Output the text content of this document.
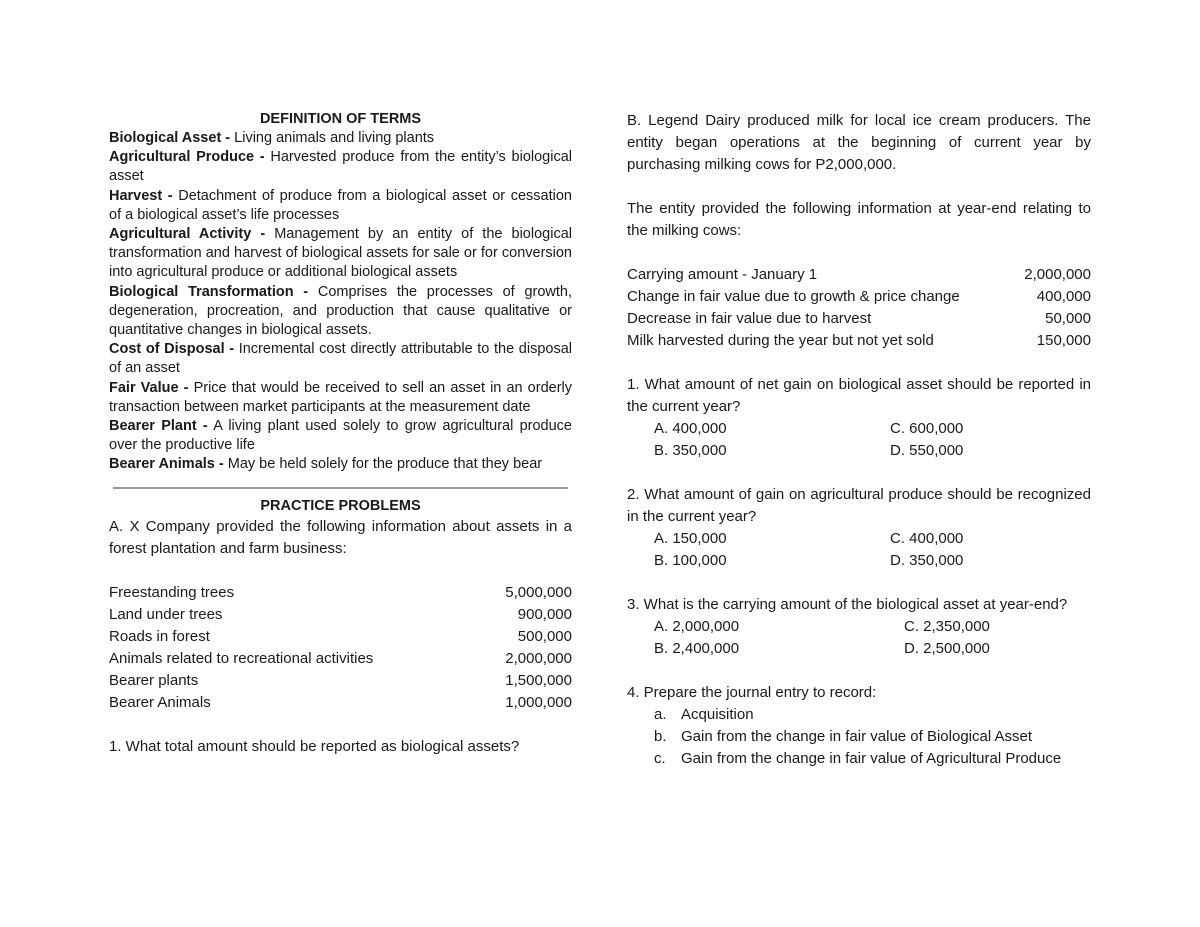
DEFINITION OF TERMS

Biological Asset - Living animals and living plants

Agricultural Produce - Harvested produce from the entity’s biological asset

Harvest - Detachment of produce from a biological asset or cessation of a biological asset’s life processes

Agricultural Activity - Management by an entity of the biological transformation and harvest of biological assets for sale or for conversion into agricultural produce or additional biological assets

Biological Transformation - Comprises the processes of growth, degeneration, procreation, and production that cause qualitative or quantitative changes in biological assets.

Cost of Disposal - Incremental cost directly attributable to the disposal of an asset

Fair Value - Price that would be received to sell an asset in an orderly transaction between market participants at the measurement date

Bearer Plant - A living plant used solely to grow agricultural produce over the productive life

Bearer Animals - May be held solely for the produce that they bear

PRACTICE PROBLEMS

A. X Company provided the following information about assets in a forest plantation and farm business:

Freestanding trees	5,000,000
Land under trees	900,000
Roads in forest	500,000
Animals related to recreational activities	2,000,000
Bearer plants	1,500,000
Bearer Animals	1,000,000

1. What total amount should be reported as biological assets?

B. Legend Dairy produced milk for local ice cream producers. The entity began operations at the beginning of current year by purchasing milking cows for P2,000,000.

The entity provided the following information at year-end relating to the milking cows:

Carrying amount - January 1	2,000,000
Change in fair value due to growth & price change	400,000
Decrease in fair value due to harvest	50,000
Milk harvested during the year but not yet sold	150,000

1. What amount of net gain on biological asset should be reported in the current year?

A. 400,000	C. 600,000
B. 350,000	D. 550,000

2. What amount of gain on agricultural produce should be recognized in the current year?

A. 150,000	C. 400,000
B. 100,000	D. 350,000

3. What is the carrying amount of the biological asset at year-end?

A. 2,000,000	C. 2,350,000
B. 2,400,000	D. 2,500,000

4. Prepare the journal entry to record:

a. Acquisition
b. Gain from the change in fair value of Biological Asset
c.	Gain from the change in fair value of Agricultural Produce
